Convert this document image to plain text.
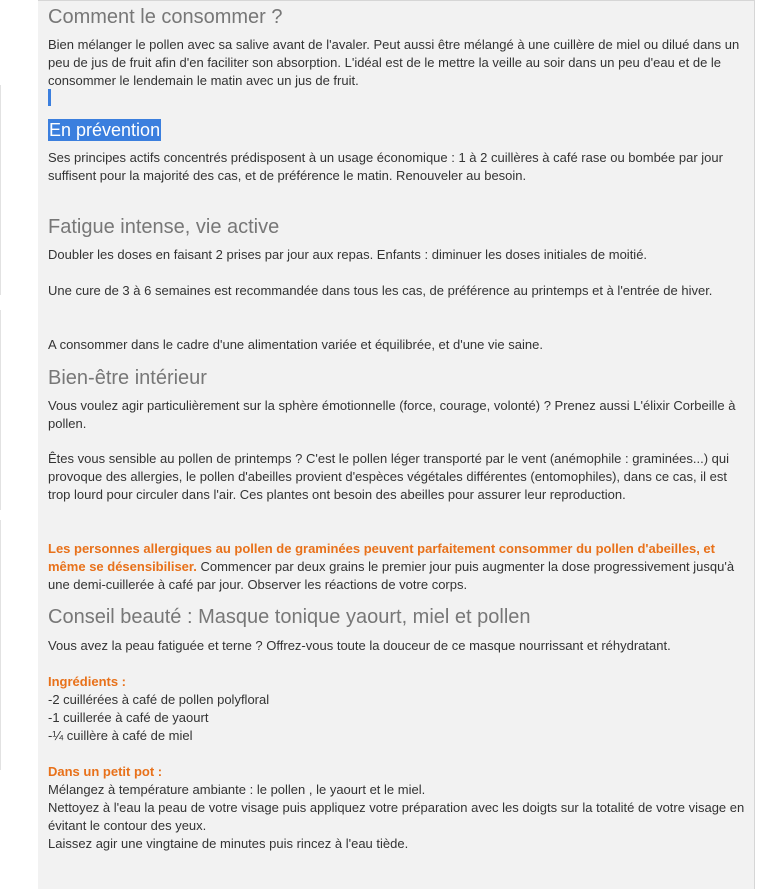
Comment le consommer ?

Bien mélanger le pollen avec sa salive avant de l'avaler. Peut aussi être mélangé à une cuillère de miel ou dilué dans un peu de jus de fruit afin d'en faciliter son absorption. L'idéal est de le mettre la veille au soir dans un peu d'eau et de le consommer le lendemain le matin avec un jus de fruit.

En prévention

Ses principes actifs concentrés prédisposent à un usage économique : 1 à 2 cuillères à café rase ou bombée par jour suffisent pour la majorité des cas, et de préférence le matin. Renouveler au besoin.

Fatigue intense, vie active

Doubler les doses en faisant 2 prises par jour aux repas. Enfants : diminuer les doses initiales de moitié.

Une cure de 3 à 6 semaines est recommandée dans tous les cas, de préférence au printemps et à l'entrée de hiver.

A consommer dans le cadre d'une alimentation variée et équilibrée, et d'une vie saine.

Bien-être intérieur

Vous voulez agir particulièrement sur la sphère émotionnelle (force, courage, volonté) ? Prenez aussi L'élixir Corbeille à pollen.

Êtes vous sensible au pollen de printemps ? C'est le pollen léger transporté par le vent (anémophile : graminées...) qui provoque des allergies, le pollen d'abeilles provient d'espèces végétales différentes (entomophiles), dans ce cas, il est trop lourd pour circuler dans l'air. Ces plantes ont besoin des abeilles pour assurer leur reproduction.

Les personnes allergiques au pollen de graminées peuvent parfaitement consommer du pollen d'abeilles, et même se désensibiliser. Commencer par deux grains le premier jour puis augmenter la dose progressivement jusqu'à une demi-cuillerée à café par jour. Observer les réactions de votre corps.

Conseil beauté : Masque tonique yaourt, miel et pollen

Vous avez la peau fatiguée et terne ? Offrez-vous toute la douceur de ce masque nourrissant et réhydratant.

Ingrédients :

-2 cuillérées à café de pollen polyfloral

-1 cuillerée à café de yaourt

-¼ cuillère à café de miel

Dans un petit pot :

Mélangez à température ambiante : le pollen , le yaourt et le miel.

Nettoyez à l'eau la peau de votre visage puis appliquez votre préparation avec les doigts sur la totalité de votre visage en évitant le contour des yeux.

Laissez agir une vingtaine de minutes puis rincez à l'eau tiède.
